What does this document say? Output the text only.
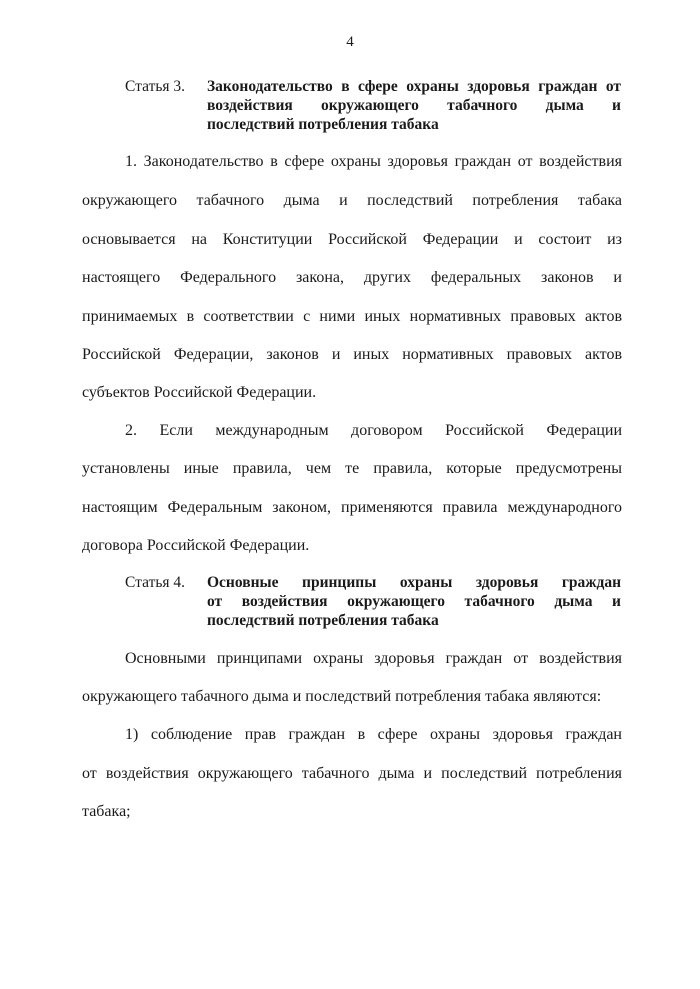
4
Статья 3.	Законодательство в сфере охраны здоровья граждан от
воздействия окружающего табачного дыма и
последствий потребления табака
1. Законодательство в сфере охраны здоровья граждан от воздействия
окружающего табачного дыма и последствий потребления табака
основывается на Конституции Российской Федерации и состоит из
настоящего Федерального закона, других федеральных законов и
принимаемых в соответствии с ними иных нормативных правовых актов
Российской Федерации, законов и иных нормативных правовых актов
субъектов Российской Федерации.
2. Если международным договором Российской Федерации
установлены иные правила, чем те правила, которые предусмотрены
настоящим Федеральным законом, применяются правила международного
договора Российской Федерации.
Статья 4.	Основные принципы охраны здоровья граждан
от воздействия окружающего табачного дыма и
последствий потребления табака
Основными принципами охраны здоровья граждан от воздействия
окружающего табачного дыма и последствий потребления табака являются:
1) соблюдение прав граждан в сфере охраны здоровья граждан
от воздействия окружающего табачного дыма и последствий потребления
табака;
